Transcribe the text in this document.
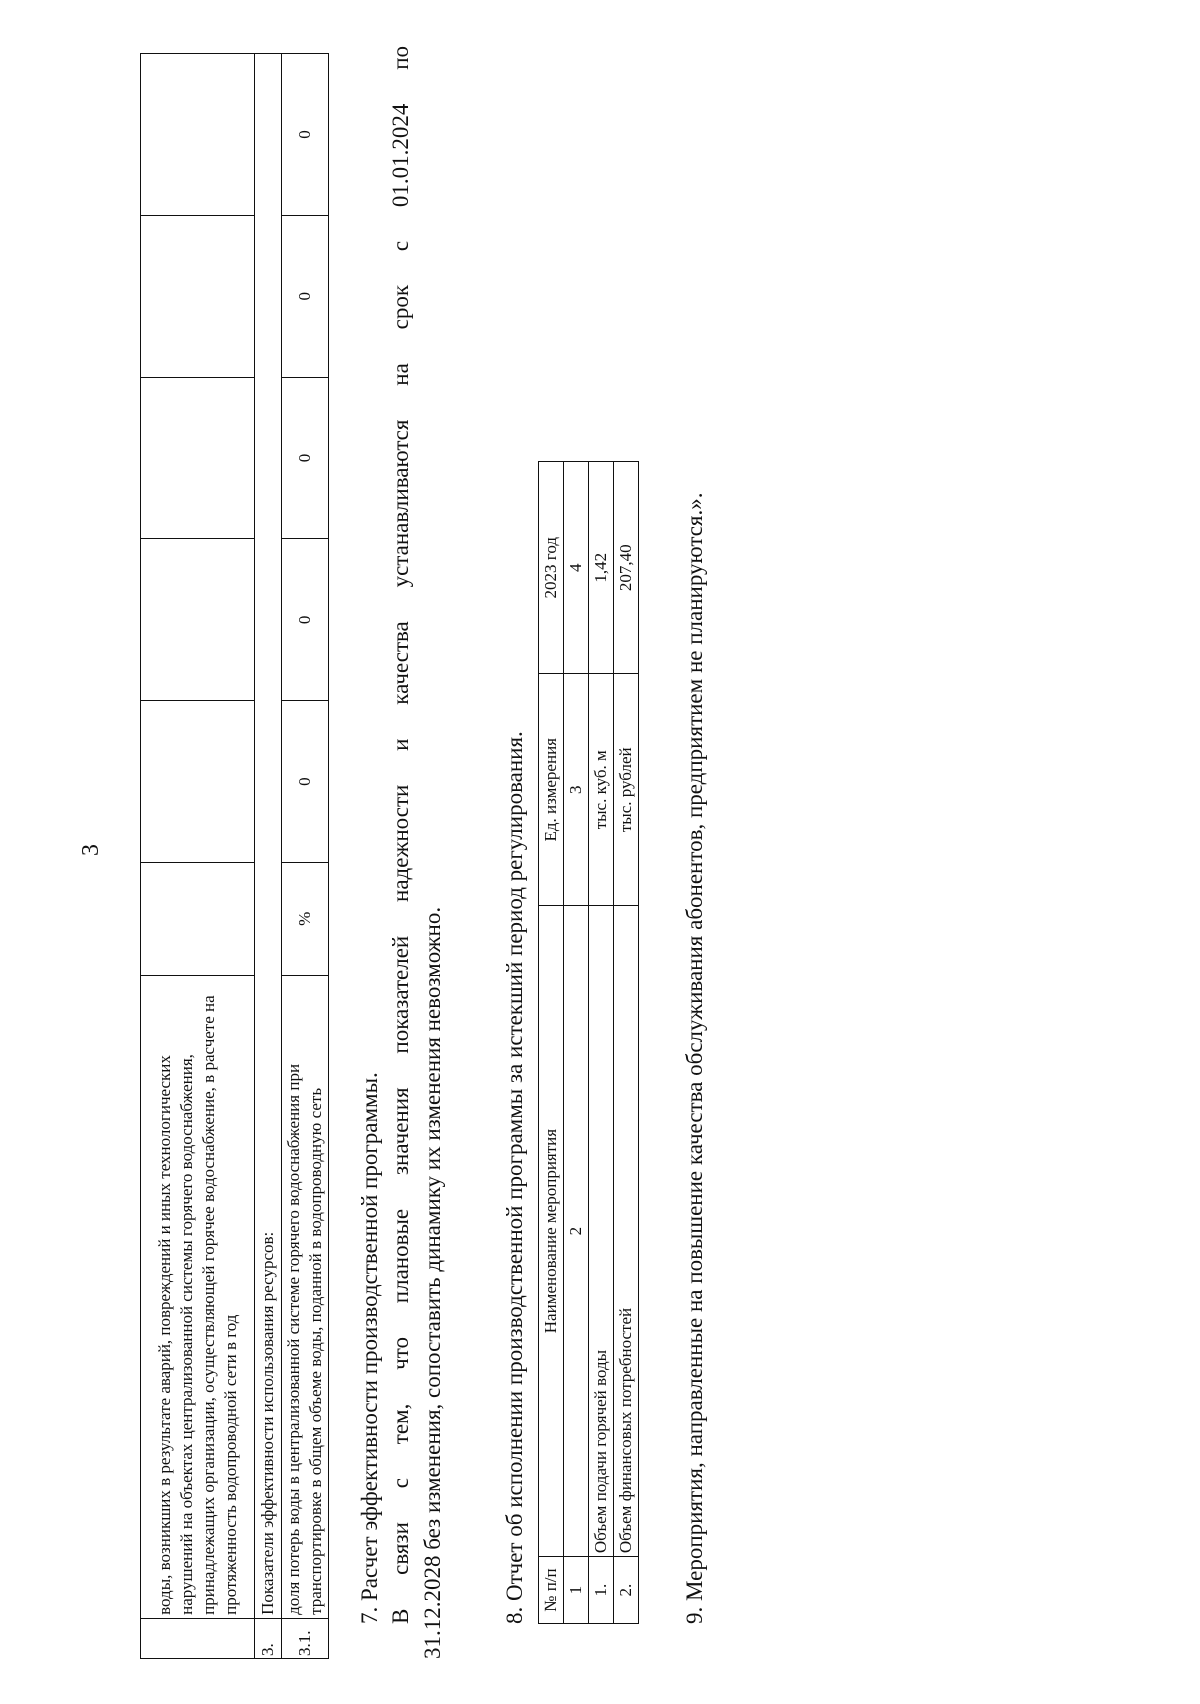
3
	воды, возникших в результате аварий, повреждений и иных технологических нарушений на объектах централизованной системы горячего водоснабжения, принадлежащих организации, осуществляющей горячее водоснабжение, в расчете на протяженность водопроводной сети в год						
3.	Показатели эффективности использования ресурсов:						
3.1.	доля потерь воды в централизованной системе горячего водоснабжения при транспортировке в общем объеме воды, поданной в водопроводную сеть	%	0	0	0	0	0
7. Расчет эффективности производственной программы. В связи с тем, что плановые значения показателей надежности и качества устанавливаются на срок с 01.01.2024 по 31.12.2028 без изменения, сопоставить динамику их изменения невозможно. 8. Отчет об исполнении производственной программы за истекший период регулирования. № п/п	Наименование мероприятия	Ед. измерения	2023 год
1	2	3	4
1.	Объем подачи горячей воды	тыс. куб. м	1,42
2.	Объем финансовых потребностей	тыс. рублей	207,40 9. Мероприятия, направленные на повышение качества обслуживания абонентов, предприятием не планируются.».
